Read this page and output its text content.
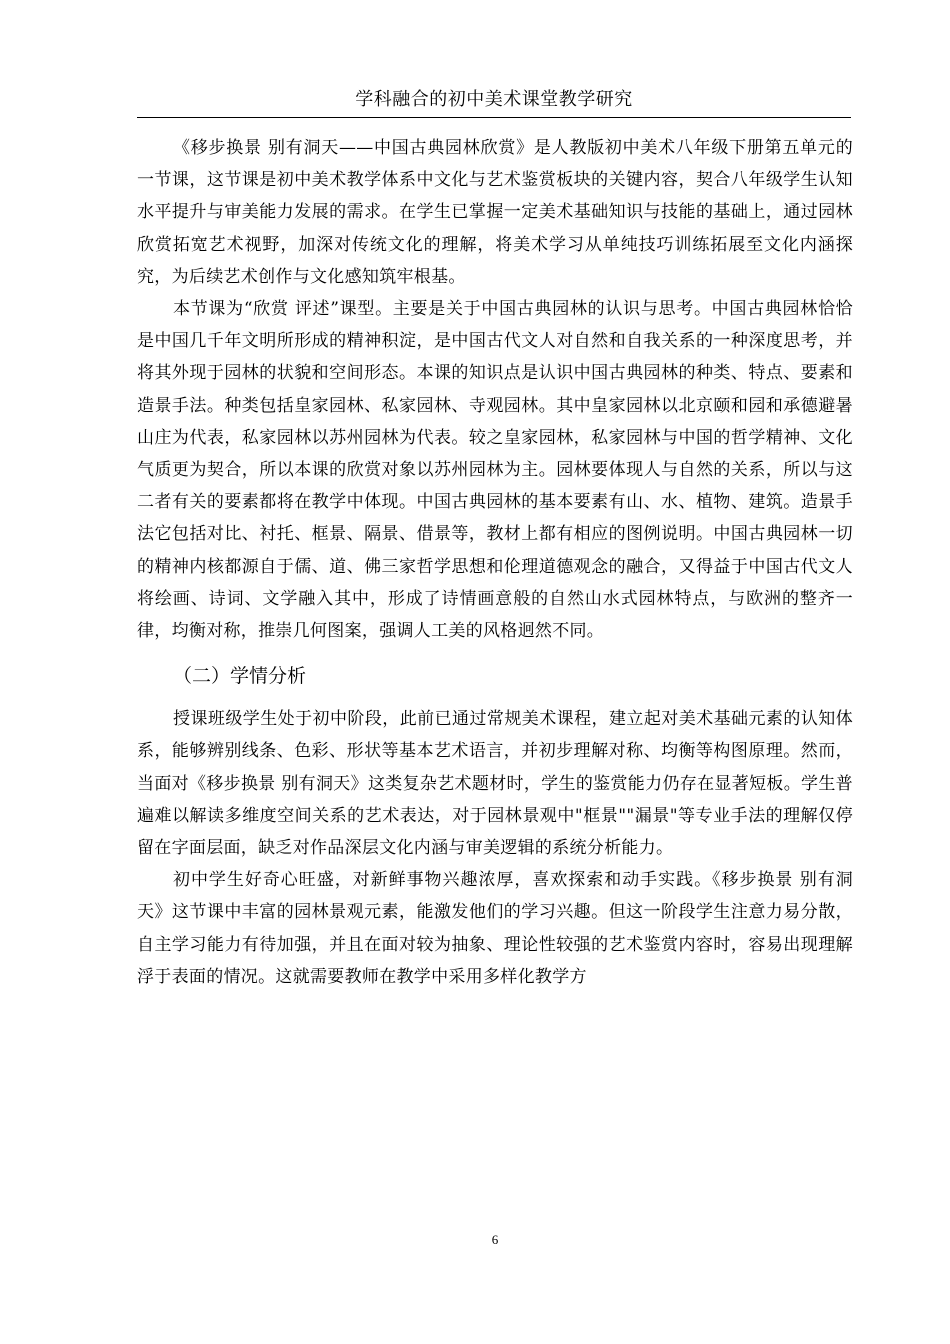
学科融合的初中美术课堂教学研究

《移步换景 别有洞天——中国古典园林欣赏》是人教版初中美术八年级下册第五单元的一节课，这节课是初中美术教学体系中文化与艺术鉴赏板块的关键内容，契合八年级学生认知水平提升与审美能力发展的需求。在学生已掌握一定美术基础知识与技能的基础上，通过园林欣赏拓宽艺术视野，加深对传统文化的理解，将美术学习从单纯技巧训练拓展至文化内涵探究，为后续艺术创作与文化感知筑牢根基。

本节课为“欣赏 评述”课型。主要是关于中国古典园林的认识与思考。中国古典园林恰恰是中国几千年文明所形成的精神积淀，是中国古代文人对自然和自我关系的一种深度思考，并将其外现于园林的状貌和空间形态。本课的知识点是认识中国古典园林的种类、特点、要素和造景手法。种类包括皇家园林、私家园林、寺观园林。其中皇家园林以北京颐和园和承德避暑山庄为代表，私家园林以苏州园林为代表。较之皇家园林，私家园林与中国的哲学精神、文化气质更为契合，所以本课的欣赏对象以苏州园林为主。园林要体现人与自然的关系，所以与这二者有关的要素都将在教学中体现。中国古典园林的基本要素有山、水、植物、建筑。造景手法它包括对比、衬托、框景、隔景、借景等，教材上都有相应的图例说明。中国古典园林一切的精神内核都源自于儒、道、佛三家哲学思想和伦理道德观念的融合，又得益于中国古代文人将绘画、诗词、文学融入其中，形成了诗情画意般的自然山水式园林特点，与欧洲的整齐一律，均衡对称，推崇几何图案，强调人工美的风格迥然不同。

（二）学情分析

授课班级学生处于初中阶段，此前已通过常规美术课程，建立起对美术基础元素的认知体系，能够辨别线条、色彩、形状等基本艺术语言，并初步理解对称、均衡等构图原理。然而，当面对《移步换景 别有洞天》这类复杂艺术题材时，学生的鉴赏能力仍存在显著短板。学生普遍难以解读多维度空间关系的艺术表达，对于园林景观中"框景""漏景"等专业手法的理解仅停留在字面层面，缺乏对作品深层文化内涵与审美逻辑的系统分析能力。

初中学生好奇心旺盛，对新鲜事物兴趣浓厚，喜欢探索和动手实践。《移步换景 别有洞天》这节课中丰富的园林景观元素，能激发他们的学习兴趣。但这一阶段学生注意力易分散，自主学习能力有待加强，并且在面对较为抽象、理论性较强的艺术鉴赏内容时，容易出现理解浮于表面的情况。这就需要教师在教学中采用多样化教学方

6
